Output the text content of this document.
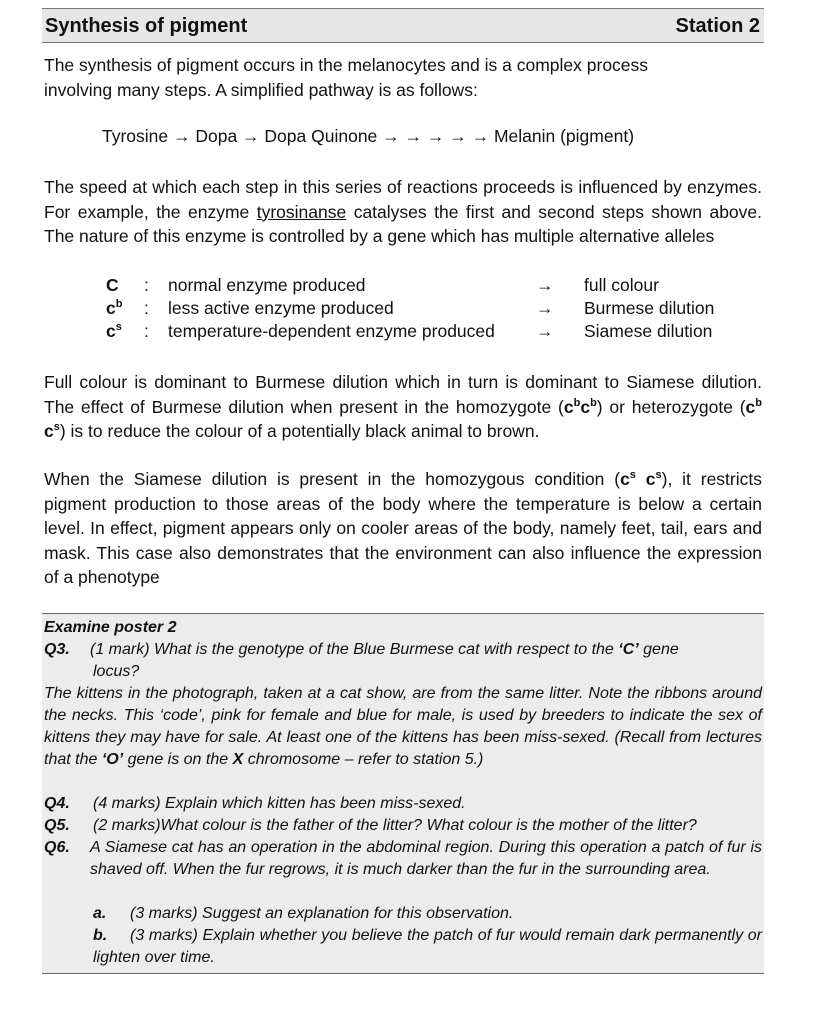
Synthesis of pigment	Station 2
The synthesis of pigment occurs in the melanocytes and is a complex process
involving many steps. A simplified pathway is as follows:
Tyrosine → Dopa → Dopa Quinone → → → → → Melanin (pigment)
The speed at which each step in this series of reactions proceeds is influenced by enzymes. For example, the enzyme tyrosinanse catalyses the first and second steps shown above. The nature of this enzyme is controlled by a gene which has multiple alternative alleles
C : normal enzyme produced	→ full colour
$c^b$ : less active enzyme produced	→ Burmese dilution
$c^s$ : temperature-dependent enzyme produced → Siamese dilution
Full colour is dominant to Burmese dilution which in turn is dominant to Siamese dilution. The effect of Burmese dilution when present in the homozygote $(c^bc^b)$ or heterozygote ($c^b$ $c^s$) is to reduce the colour of a potentially black animal to brown.
When the Siamese dilution is present in the homozygous condition ($c^s$ $c^s$), it restricts pigment production to those areas of the body where the temperature is below a certain level. In effect, pigment appears only on cooler areas of the body, namely feet, tail, ears and mask. This case also demonstrates that the environment can also influence the expression of a phenotype
Examine poster 2
Q3. (1 mark) What is the genotype of the Blue Burmese cat with respect to the ‘C’ gene
locus?
The kittens in the photograph, taken at a cat show, are from the same litter. Note the ribbons around the necks. This ‘code’, pink for female and blue for male, is used by breeders to indicate the sex of kittens they may have for sale. At least one of the kittens has been miss-sexed. (Recall from lectures that the ‘O’ gene is on the X chromosome – refer to station 5.)
Q4. (4 marks) Explain which kitten has been miss-sexed.
Q5. (2 marks)What colour is the father of the litter? What colour is the mother of the litter?
Q6. A Siamese cat has an operation in the abdominal region. During this operation a patch of fur is shaved off. When the fur regrows, it is much darker than the fur in the surrounding area.
a. (3 marks) Suggest an explanation for this observation.
b.	(3 marks) Explain whether you believe the patch of fur would remain dark permanently or lighten over time.
